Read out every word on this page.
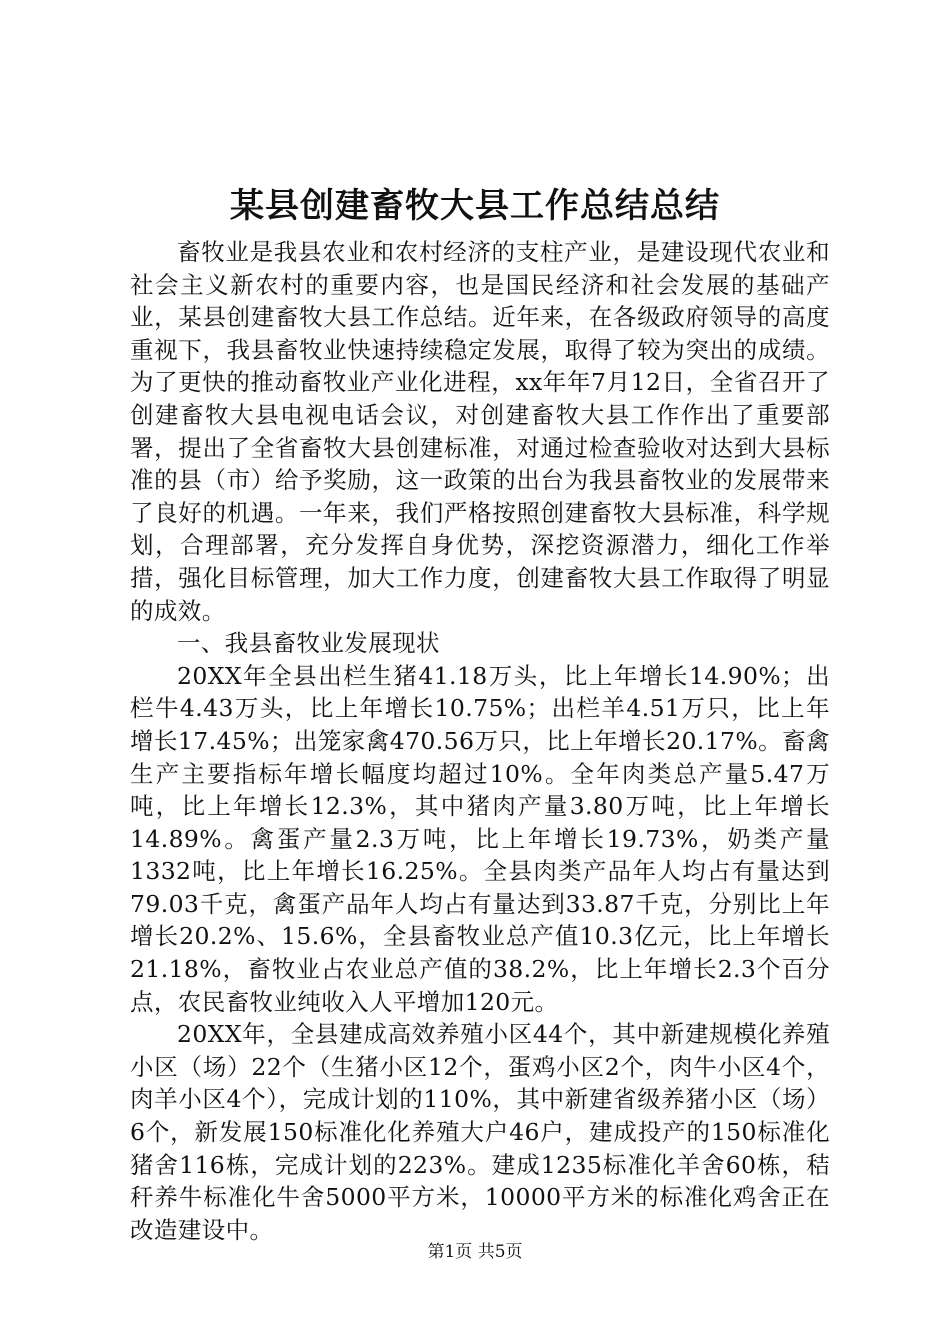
某县创建畜牧大县工作总结总结

畜牧业是我县农业和农村经济的支柱产业，是建设现代农业和社会主义新农村的重要内容，也是国民经济和社会发展的基础产业，某县创建畜牧大县工作总结。近年来，在各级政府领导的高度重视下，我县畜牧业快速持续稳定发展，取得了较为突出的成绩。为了更快的推动畜牧业产业化进程，xx年年7月12日，全省召开了创建畜牧大县电视电话会议，对创建畜牧大县工作作出了重要部署，提出了全省畜牧大县创建标准，对通过检查验收对达到大县标准的县（市）给予奖励，这一政策的出台为我县畜牧业的发展带来了良好的机遇。一年来，我们严格按照创建畜牧大县标准，科学规划，合理部署，充分发挥自身优势，深挖资源潜力，细化工作举措，强化目标管理，加大工作力度，创建畜牧大县工作取得了明显的成效。

一、我县畜牧业发展现状

20XX年全县出栏生猪41.18万头，比上年增长14.90%；出栏牛4.43万头，比上年增长10.75%；出栏羊4.51万只，比上年增长17.45%；出笼家禽470.56万只，比上年增长20.17%。畜禽生产主要指标年增长幅度均超过10%。全年肉类总产量5.47万吨，比上年增长12.3%，其中猪肉产量3.80万吨，比上年增长14.89%。禽蛋产量2.3万吨，比上年增长19.73%，奶类产量1332吨，比上年增长16.25%。全县肉类产品年人均占有量达到79.03千克，禽蛋产品年人均占有量达到33.87千克，分别比上年增长20.2%、15.6%，全县畜牧业总产值10.3亿元，比上年增长21.18%，畜牧业占农业总产值的38.2%，比上年增长2.3个百分点，农民畜牧业纯收入人平增加120元。

20XX年，全县建成高效养殖小区44个，其中新建规模化养殖小区（场）22个（生猪小区12个，蛋鸡小区2个，肉牛小区4个，肉羊小区4个），完成计划的110%，其中新建省级养猪小区（场）6个，新发展150标准化化养殖大户46户，建成投产的150标准化猪舍116栋，完成计划的223%。建成1235标准化羊舍60栋，秸秆养牛标准化牛舍5000平方米，10000平方米的标准化鸡舍正在改造建设中。

第1页 共5页
